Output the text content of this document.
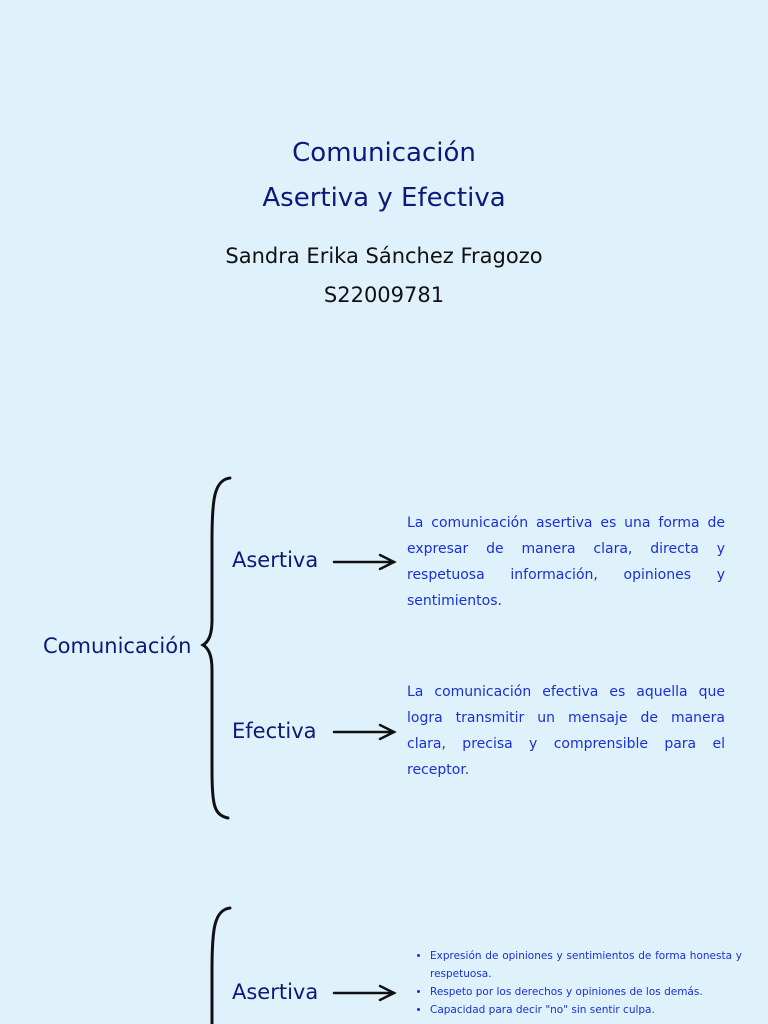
Comunicación
Asertiva y Efectiva
Sandra Erika Sánchez Fragozo
S22009781
Comunicación
Asertiva
La comunicación asertiva es una forma de expresar de manera clara, directa y respetuosa información, opiniones y sentimientos.
Efectiva
La comunicación efectiva es aquella que logra transmitir un mensaje de manera clara, precisa y comprensible para el receptor.
Asertiva
• Expresión de opiniones y sentimientos de forma honesta y respetuosa.
• Respeto por los derechos y opiniones de los demás.
• Capacidad para decir "no" sin sentir culpa.
